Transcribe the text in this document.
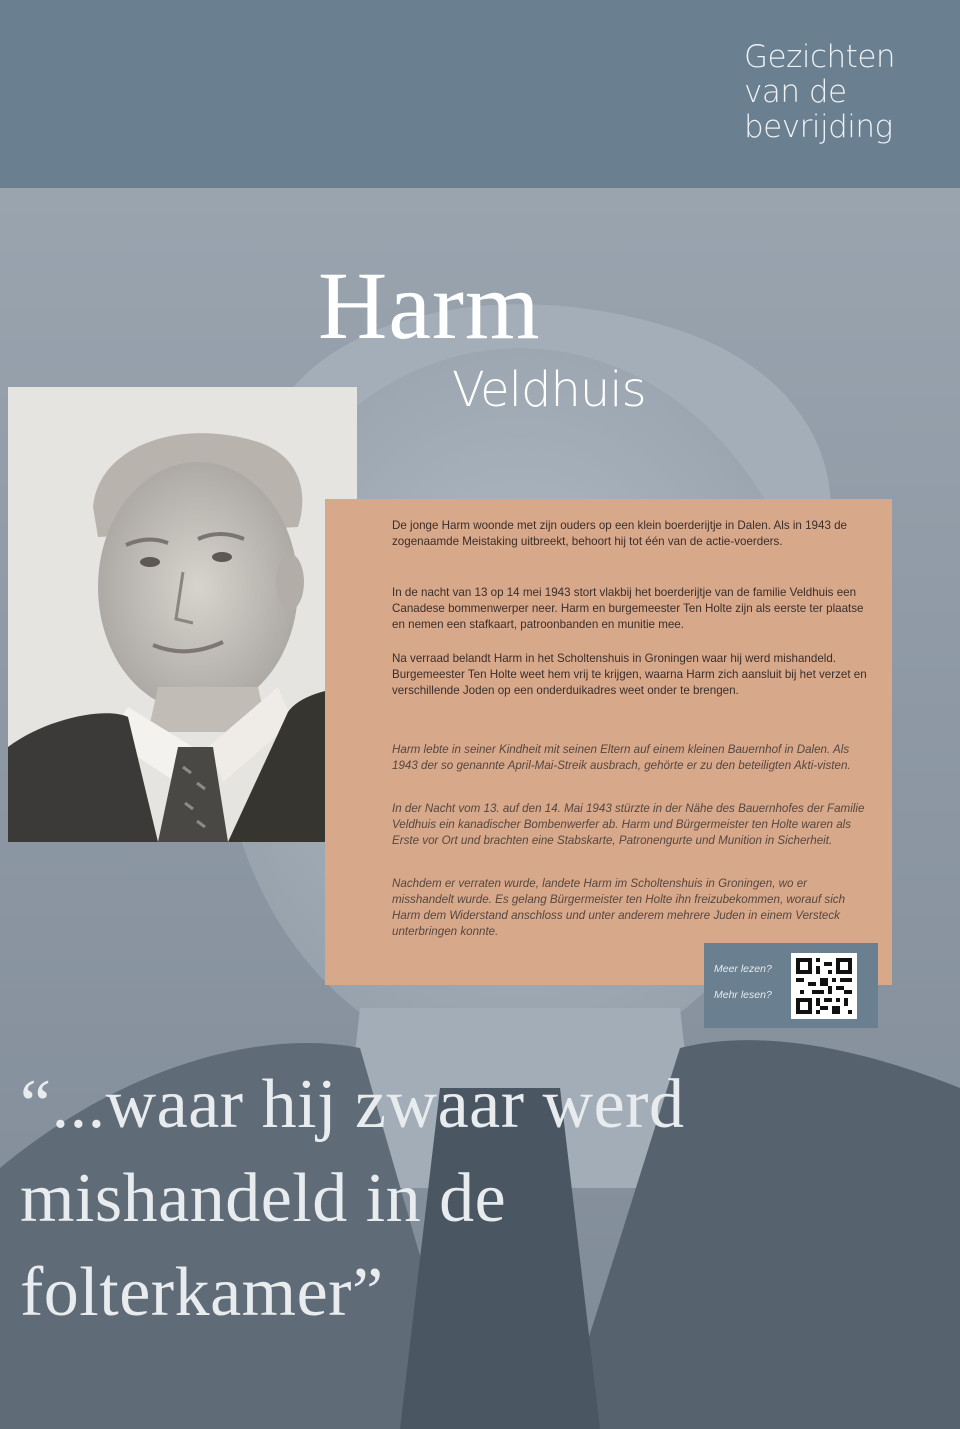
Gezichten
van de
bevrijding
Harm
Veldhuis

De jonge Harm woonde met zijn ouders op een klein boerderijtje in Dalen. Als in 1943 de zogenaamde Meistaking uitbreekt, behoort hij tot één van de actie-voerders.

In de nacht van 13 op 14 mei 1943 stort vlakbij het boerderijtje van de familie Veldhuis een Canadese bommenwerper neer. Harm en burgemeester Ten Holte zijn als eerste ter plaatse en nemen een stafkaart, patroonbanden en munitie mee.

Na verraad belandt Harm in het Scholtenshuis in Groningen waar hij werd mishandeld. Burgemeester Ten Holte weet hem vrij te krijgen, waarna Harm zich aansluit bij het verzet en verschillende Joden op een onderduikadres weet onder te brengen.

Harm lebte in seiner Kindheit mit seinen Eltern auf einem kleinen Bauernhof in Dalen. Als 1943 der so genannte April-Mai-Streik ausbrach, gehörte er zu den beteiligten Akti-visten.

In der Nacht vom 13. auf den 14. Mai 1943 stürzte in der Nähe des Bauernhofes der Familie Veldhuis ein kanadischer Bombenwerfer ab. Harm und Bürgermeister ten Holte waren als Erste vor Ort und brachten eine Stabskarte, Patronengurte und Munition in Sicherheit.

Nachdem er verraten wurde, landete Harm im Scholtenshuis in Groningen, wo er misshandelt wurde. Es gelang Bürgermeister ten Holte ihn freizubekommen, worauf sich Harm dem Widerstand anschloss und unter anderem mehrere Juden in einem Versteck unterbringen konnte.

Meer lezen?
Mehr lesen?
“...waar hij zwaar werd
mishandeld in de
folterkamer”
